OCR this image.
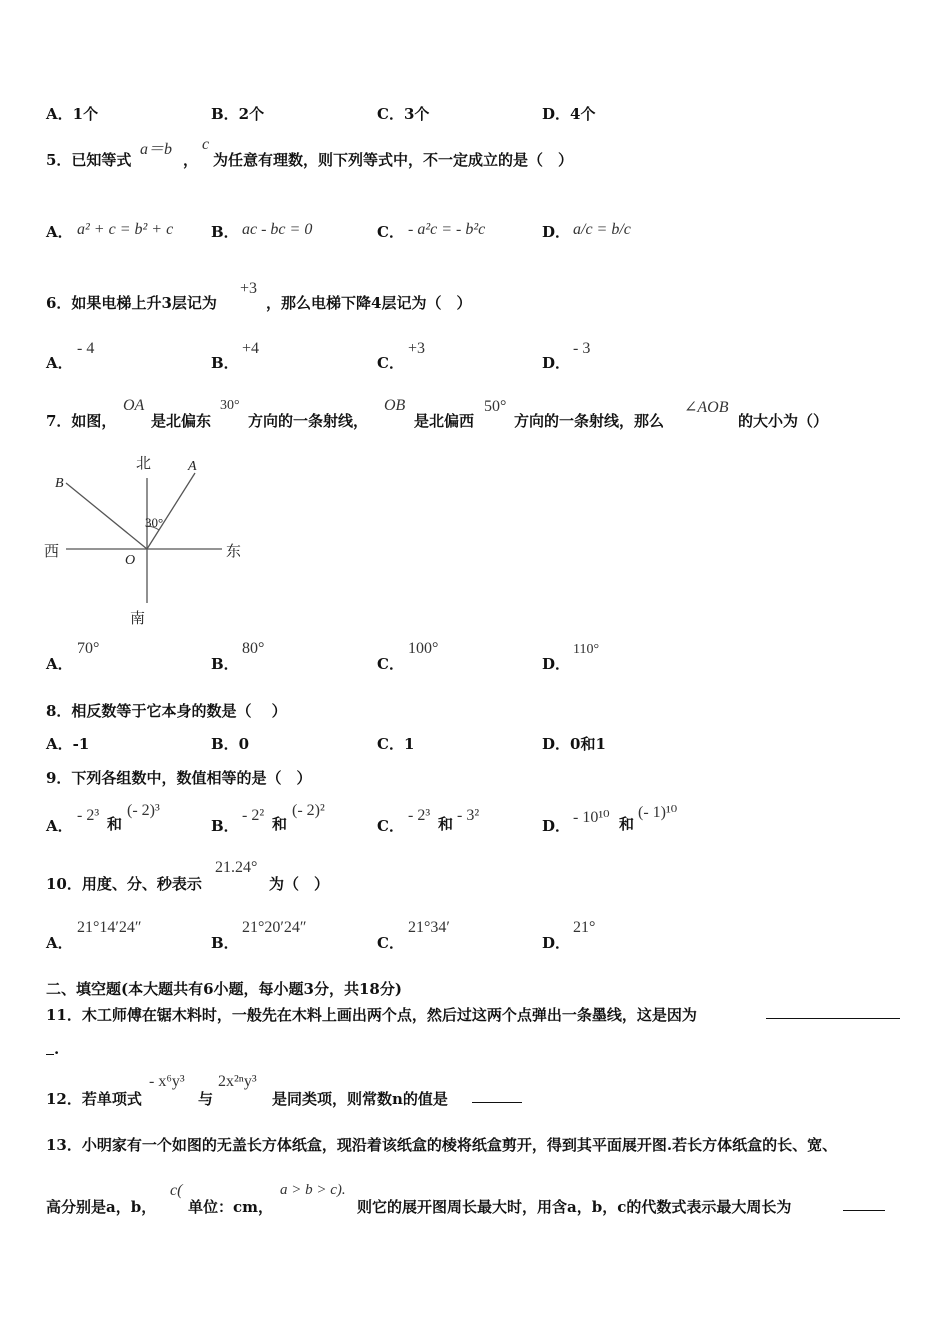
A．1个	B．2个	C．3个	D．4个
5．已知等式
a＝b
，
c
为任意有理数，则下列等式中，不一定成立的是（　）
A． a² + c = b² + c	B． ac - bc = 0	C． - a²c = - b²c	D． a/c = b/c
6．如果电梯上升3层记为
+3
，那么电梯下降4层记为（　）
A．
- 4
B．
+4
C．
+3
D．
- 3
7．如图，
OA
是北偏东
30°
方向的一条射线，
OB
是北偏西
50°
方向的一条射线，那么
∠AOB
的大小为（）
北
南
东
西
A
B
O
30°
A．
70°
B．
80°
C．
100°
D．
110°
8．相反数等于它本身的数是（　 ）
A．-1	B．0	C．1	D．0和1
9．下列各组数中，数值相等的是（　）
A．
- 2³ 和
(- 2)³
B．
- 2² 和
(- 2)²
C．
- 2³ 和 - 3²
D． - 10¹⁰ 和
(- 1)¹⁰
10．用度、分、秒表示
21.24°
为（　）
A．
21°14′24″
B．
21°20′24″
C．
21°34′
D．
21°
二、填空题(本大题共有6小题，每小题3分，共18分)
11．木工师傅在锯木料时，一般先在木料上画出两个点，然后过这两个点弹出一条墨线，这是因为
.
12．若单项式
- x⁶y³
与
2x²ⁿy³
是同类项，则常数n的值是
13．小明家有一个如图的无盖长方体纸盒，现沿着该纸盒的棱将纸盒剪开，得到其平面展开图.若长方体纸盒的长、宽、
高分别是a，b，
c(
单位：cm，
a > b > c).
则它的展开图周长最大时，用含a，b，c的代数式表示最大周长为
